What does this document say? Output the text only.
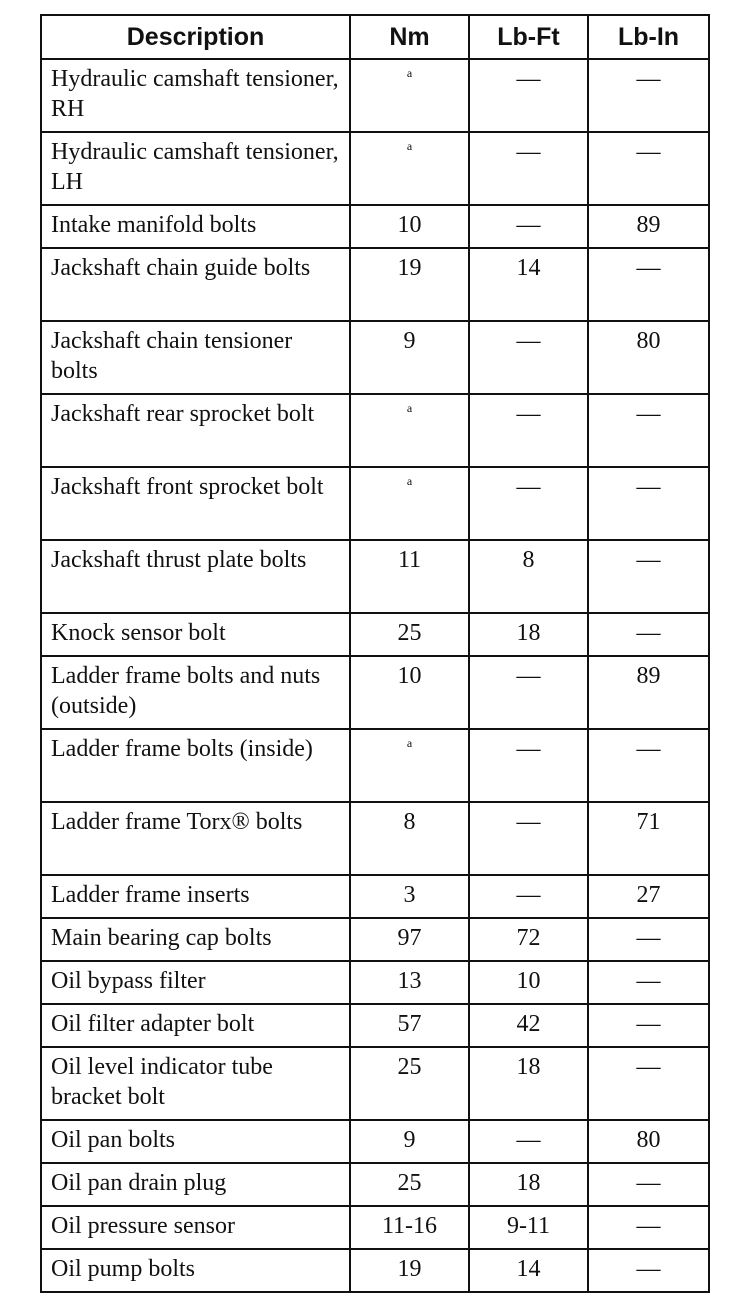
Description	Nm	Lb-Ft	Lb-In
Hydraulic camshaft tensioner, RH	a	—	—
Hydraulic camshaft tensioner, LH	a	—	—
Intake manifold bolts	10	—	89
Jackshaft chain guide bolts	19	14	—
Jackshaft chain tensioner bolts	9	—	80
Jackshaft rear sprocket bolt	a	—	—
Jackshaft front sprocket bolt	a	—	—
Jackshaft thrust plate bolts	11	8	—
Knock sensor bolt	25	18	—
Ladder frame bolts and nuts (outside)	10	—	89
Ladder frame bolts (inside)	a	—	—
Ladder frame Torx® bolts	8	—	71
Ladder frame inserts	3	—	27
Main bearing cap bolts	97	72	—
Oil bypass filter	13	10	—
Oil filter adapter bolt	57	42	—
Oil level indicator tube bracket bolt	25	18	—
Oil pan bolts	9	—	80
Oil pan drain plug	25	18	—
Oil pressure sensor	11-16	9-11	—
Oil pump bolts	19	14	—
